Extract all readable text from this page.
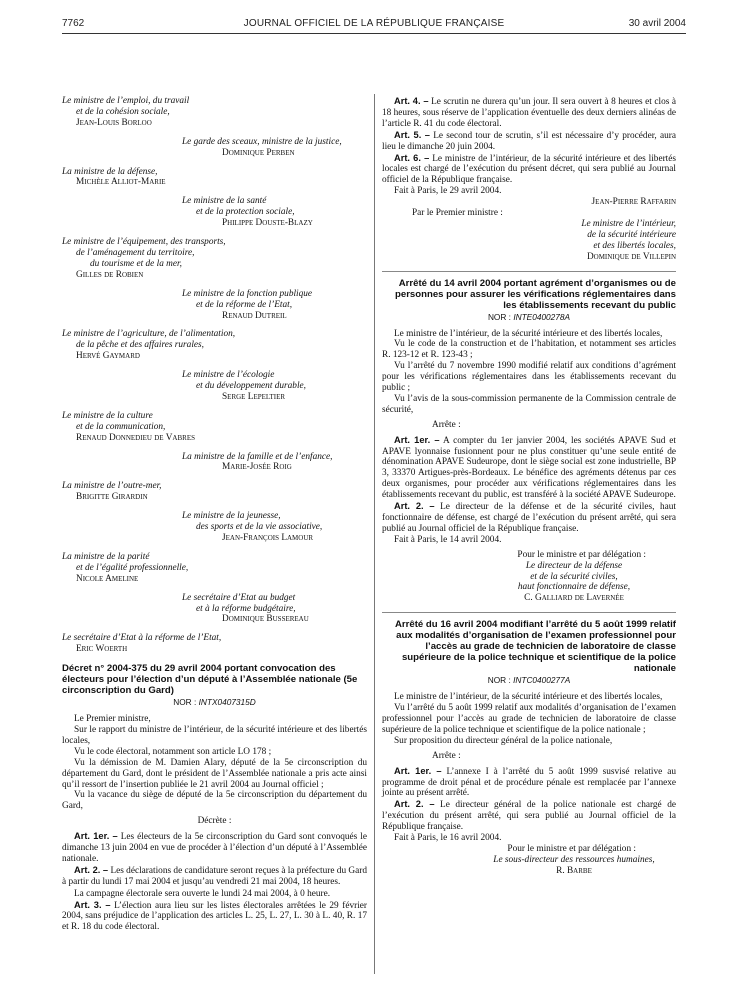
7762	JOURNAL OFFICIEL DE LA RÉPUBLIQUE FRANÇAISE	30 avril 2004
Le ministre de l’emploi, du travail
et de la cohésion sociale,
Jean-Louis Borloo
Le garde des sceaux, ministre de la justice,
Dominique Perben
La ministre de la défense,
Michèle Alliot-Marie
Le ministre de la santé
et de la protection sociale,
Philippe Douste-Blazy
Le ministre de l’équipement, des transports,
de l’aménagement du territoire,
du tourisme et de la mer,
Gilles de Robien
Le ministre de la fonction publique
et de la réforme de l’Etat,
Renaud Dutreil
Le ministre de l’agriculture, de l’alimentation,
de la pêche et des affaires rurales,
Hervé Gaymard
Le ministre de l’écologie
et du développement durable,
Serge Lepeltier
Le ministre de la culture
et de la communication,
Renaud Donnedieu de Vabres
La ministre de la famille et de l’enfance,
Marie-Josée Roig
La ministre de l’outre-mer,
Brigitte Girardin
Le ministre de la jeunesse,
des sports et de la vie associative,
Jean-François Lamour
La ministre de la parité
et de l’égalité professionnelle,
Nicole Ameline
Le secrétaire d’Etat au budget
et à la réforme budgétaire,
Dominique Bussereau
Le secrétaire d’Etat à la réforme de l’Etat,
Eric Woerth
Décret n° 2004-375 du 29 avril 2004 portant convocation des électeurs pour l’élection d’un député à l’Assemblée nationale (5e circonscription du Gard)
NOR : INTX0407315D

Le Premier ministre,

Sur le rapport du ministre de l’intérieur, de la sécurité intérieure et des libertés locales,

Vu le code électoral, notamment son article LO 178 ;

Vu la démission de M. Damien Alary, député de la 5e circonscription du département du Gard, dont le président de l’Assemblée nationale a pris acte ainsi qu’il ressort de l’insertion publiée le 21 avril 2004 au Journal officiel ;

Vu la vacance du siège de député de la 5e circonscription du département du Gard,

Décrète :

Art. 1er. – Les électeurs de la 5e circonscription du Gard sont convoqués le dimanche 13 juin 2004 en vue de procéder à l’élection d’un député à l’Assemblée nationale.

Art. 2. – Les déclarations de candidature seront reçues à la préfecture du Gard à partir du lundi 17 mai 2004 et jusqu’au vendredi 21 mai 2004, 18 heures.

La campagne électorale sera ouverte le lundi 24 mai 2004, à 0 heure.

Art. 3. – L’élection aura lieu sur les listes électorales arrêtées le 29 février 2004, sans préjudice de l’application des articles L. 25, L. 27, L. 30 à L. 40, R. 17 et R. 18 du code électoral.

Art. 4. – Le scrutin ne durera qu’un jour. Il sera ouvert à 8 heures et clos à 18 heures, sous réserve de l’application éventuelle des deux derniers alinéas de l’article R. 41 du code électoral.

Art. 5. – Le second tour de scrutin, s’il est nécessaire d’y procéder, aura lieu le dimanche 20 juin 2004.

Art. 6. – Le ministre de l’intérieur, de la sécurité intérieure et des libertés locales est chargé de l’exécution du présent décret, qui sera publié au Journal officiel de la République française.

Fait à Paris, le 29 avril 2004.

Jean-Pierre Raffarin

Par le Premier ministre :

Le ministre de l’intérieur,
de la sécurité intérieure
et des libertés locales,
Dominique de Villepin
Arrêté du 14 avril 2004 portant agrément d’organismes ou de personnes pour assurer les vérifications réglementaires dans les établissements recevant du public
NOR : INTE0400278A

Le ministre de l’intérieur, de la sécurité intérieure et des libertés locales,

Vu le code de la construction et de l’habitation, et notamment ses articles R. 123-12 et R. 123-43 ;

Vu l’arrêté du 7 novembre 1990 modifié relatif aux conditions d’agrément pour les vérifications réglementaires dans les établissements recevant du public ;

Vu l’avis de la sous-commission permanente de la Commission centrale de sécurité,

Arrête :

Art. 1er. – A compter du 1er janvier 2004, les sociétés APAVE Sud et APAVE lyonnaise fusionnent pour ne plus constituer qu’une seule entité de dénomination APAVE Sudeurope, dont le siège social est zone industrielle, BP 3, 33370 Artigues-près-Bordeaux. Le bénéfice des agréments détenus par ces deux organismes, pour procéder aux vérifications réglementaires dans les établissements recevant du public, est transféré à la société APAVE Sudeurope.

Art. 2. – Le directeur de la défense et de la sécurité civiles, haut fonctionnaire de défense, est chargé de l’exécution du présent arrêté, qui sera publié au Journal officiel de la République française.

Fait à Paris, le 14 avril 2004.

Pour le ministre et par délégation :

Le directeur de la défense
et de la sécurité civiles,
haut fonctionnaire de défense,
C. Galliard de Lavernée
Arrêté du 16 avril 2004 modifiant l’arrêté du 5 août 1999 relatif aux modalités d’organisation de l’examen professionnel pour l’accès au grade de technicien de laboratoire de classe supérieure de la police technique et scientifique de la police nationale
NOR : INTC0400277A

Le ministre de l’intérieur, de la sécurité intérieure et des libertés locales,

Vu l’arrêté du 5 août 1999 relatif aux modalités d’organisation de l’examen professionnel pour l’accès au grade de technicien de laboratoire de classe supérieure de la police technique et scientifique de la police nationale ;

Sur proposition du directeur général de la police nationale,

Arrête :

Art. 1er. – L’annexe I à l’arrêté du 5 août 1999 susvisé relative au programme de droit pénal et de procédure pénale est remplacée par l’annexe jointe au présent arrêté.

Art. 2. – Le directeur général de la police nationale est chargé de l’exécution du présent arrêté, qui sera publié au Journal officiel de la République française.

Fait à Paris, le 16 avril 2004.

Pour le ministre et par délégation :

Le sous-directeur des ressources humaines,
R. Barbe
